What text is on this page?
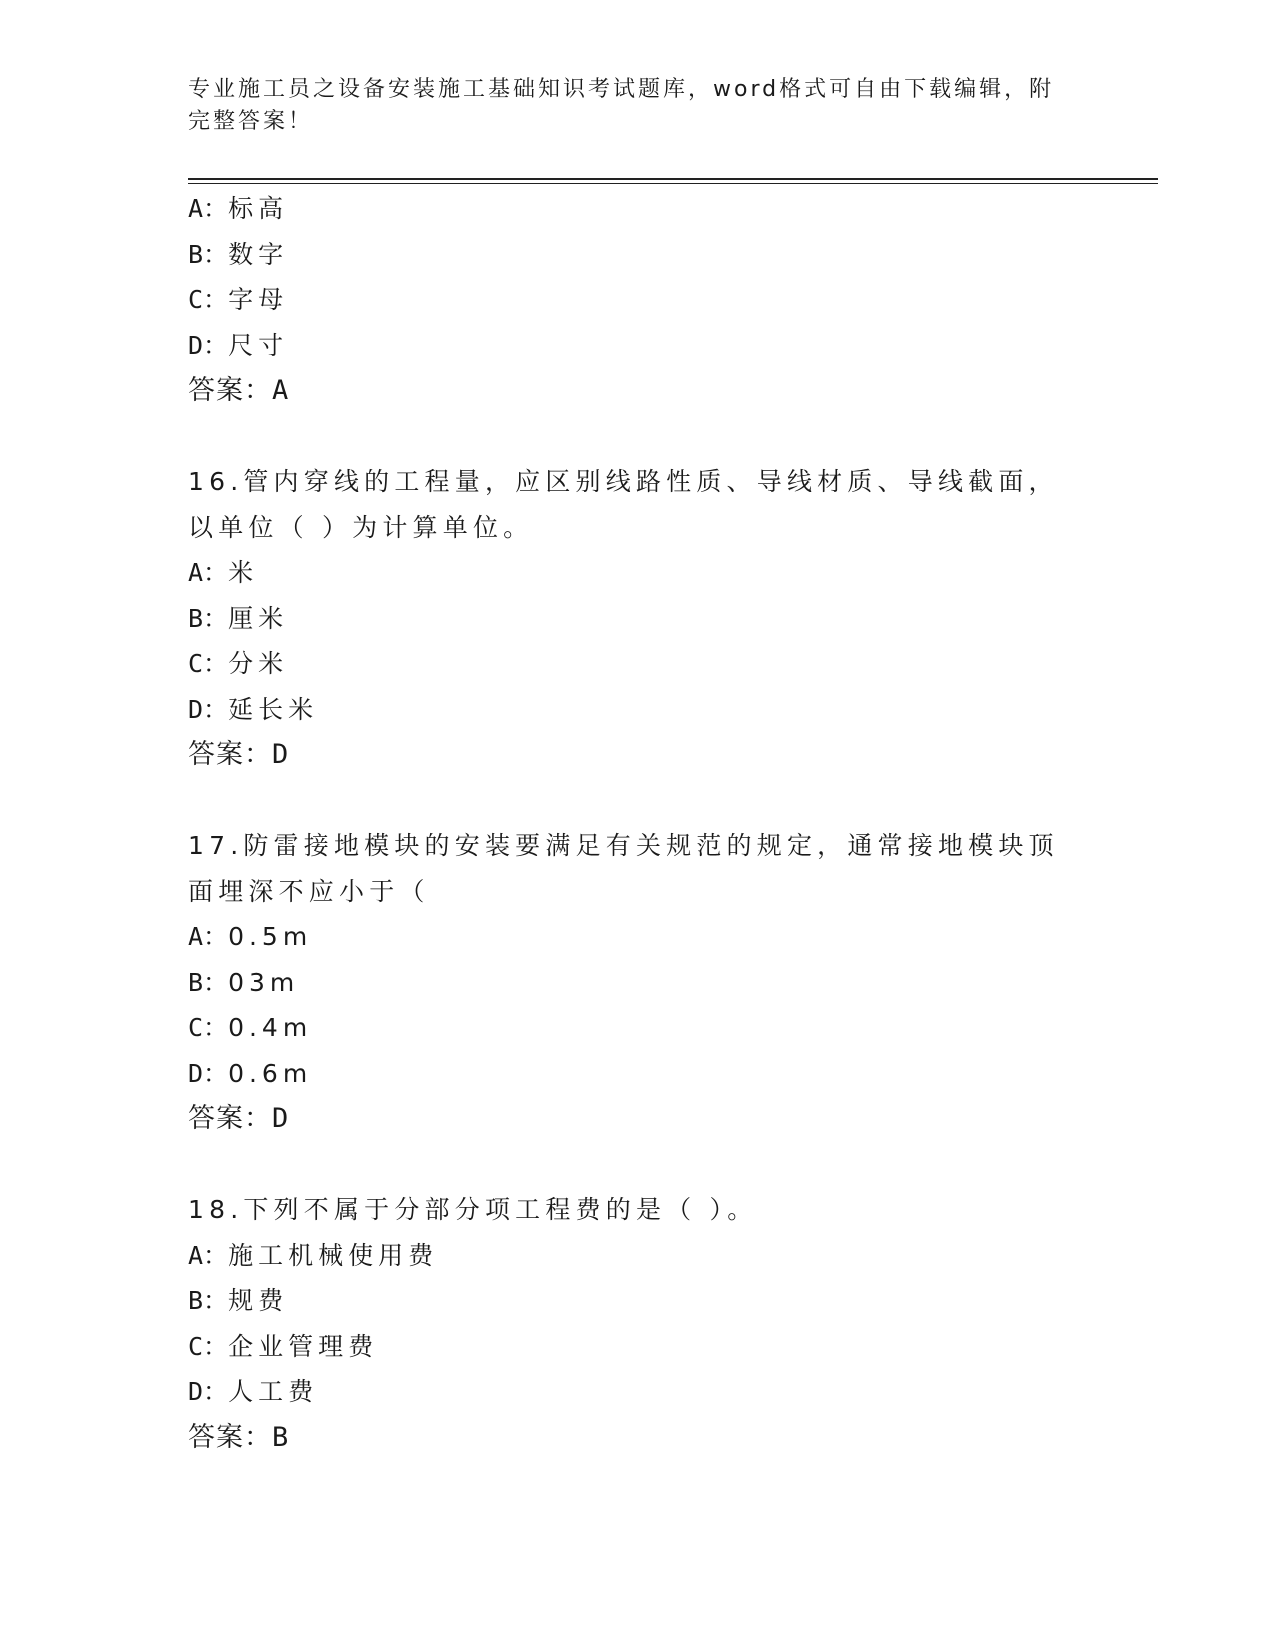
专业施工员之设备安装施工基础知识考试题库，word格式可自由下载编辑，附完整答案！
A：标高
B：数字
C：字母
D：尺寸
答案：A
16.管内穿线的工程量，应区别线路性质、导线材质、导线截面，以单位（ ）为计算单位。
A：米
B：厘米
C：分米
D：延长米
答案：D
17.防雷接地模块的安装要满足有关规范的规定，通常接地模块顶面埋深不应小于（
A：0.5m
B：03m
C：0.4m
D：0.6m
答案：D
18.下列不属于分部分项工程费的是（ ）。
A：施工机械使用费
B：规费
C：企业管理费
D：人工费
答案：B
